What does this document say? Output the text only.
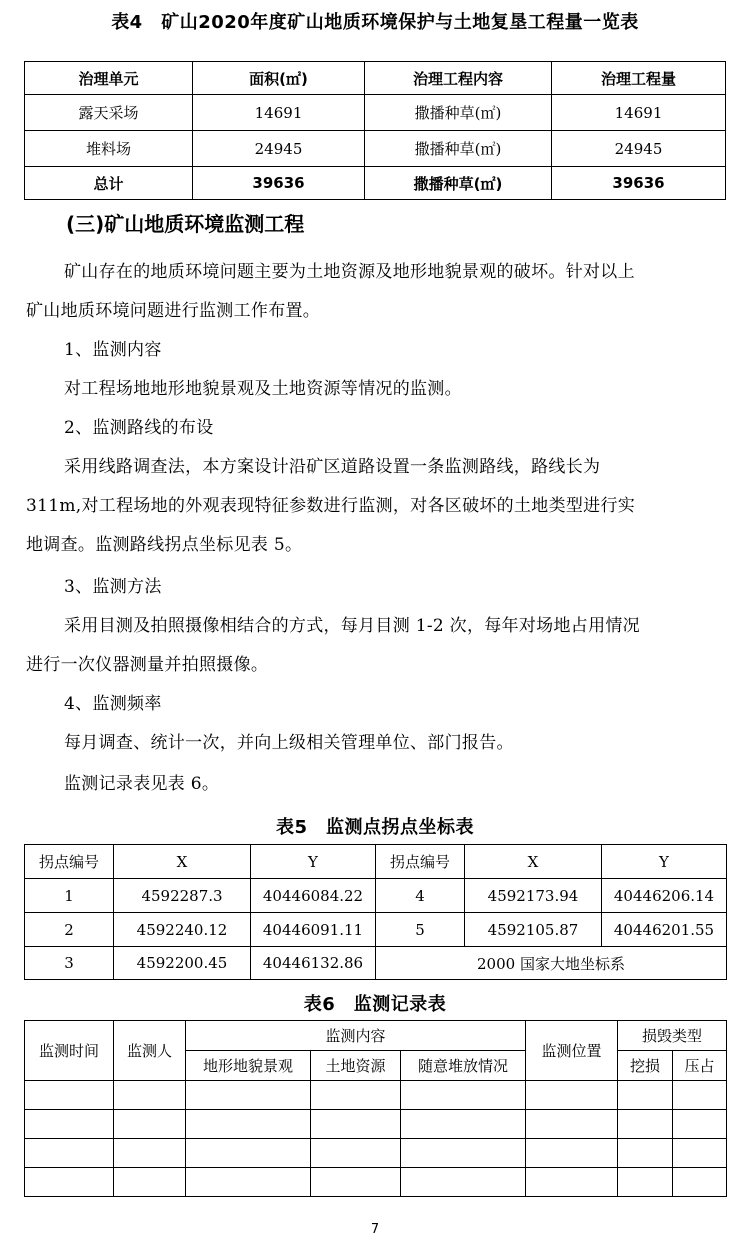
表4　矿山2020年度矿山地质环境保护与土地复垦工程量一览表
治理单元	面积(㎡)	治理工程内容	治理工程量
露天采场	14691	撒播种草(㎡)	14691
堆料场	24945	撒播种草(㎡)	24945
总计	39636	撒播种草(㎡)	39636
(三)矿山地质环境监测工程
矿山存在的地质环境问题主要为土地资源及地形地貌景观的破坏。针对以上
矿山地质环境问题进行监测工作布置。
1、监测内容
对工程场地地形地貌景观及土地资源等情况的监测。
2、监测路线的布设
采用线路调查法，本方案设计沿矿区道路设置一条监测路线，路线长为
311m,对工程场地的外观表现特征参数进行监测，对各区破坏的土地类型进行实
地调查。监测路线拐点坐标见表 5。
3、监测方法
采用目测及拍照摄像相结合的方式，每月目测 1-2 次，每年对场地占用情况
进行一次仪器测量并拍照摄像。
4、监测频率
每月调查、统计一次，并向上级相关管理单位、部门报告。
监测记录表见表 6。
表5　监测点拐点坐标表
拐点编号	X	Y	拐点编号	X	Y
1	4592287.3	40446084.22	4	4592173.94	40446206.14
2	4592240.12	40446091.11	5	4592105.87	40446201.55
3	4592200.45	40446132.86	2000 国家大地坐标系		
表6　监测记录表
监测时间	监测人	监测内容			监测位置	损毁类型	
		地形地貌景观	土地资源	随意堆放情况		挖损	压占

7
